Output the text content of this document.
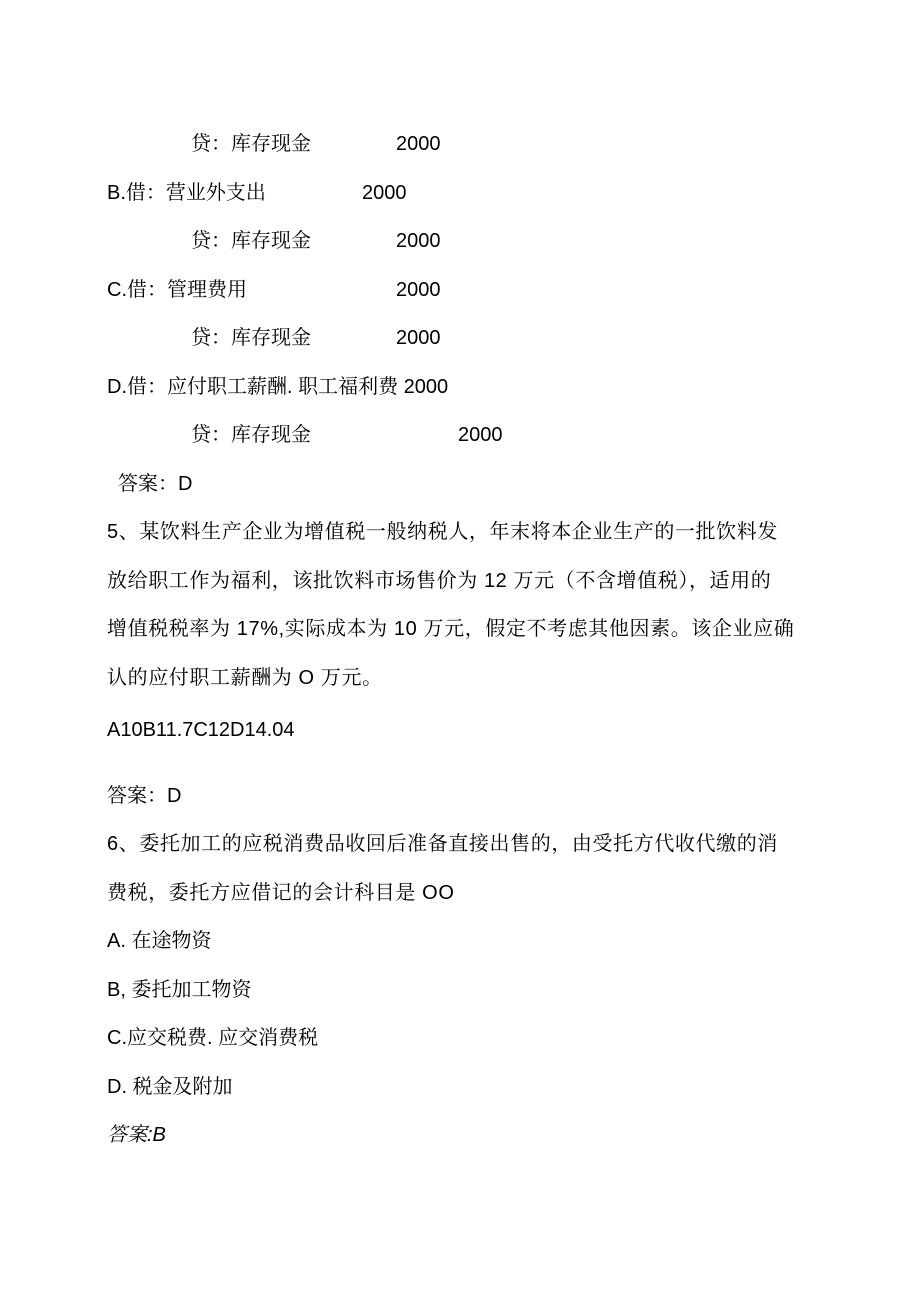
贷：库存现金	2000
B.借：营业外支出	2000
贷：库存现金	2000
C.借：管理费用	2000
贷：库存现金	2000
D.借：应付职工薪酬. 职工福利费 2000
贷：库存现金	2000
答案：D
5、某饮料生产企业为增值税一般纳税人，年末将本企业生产的一批饮料发
放给职工作为福利，该批饮料市场售价为 12 万元（不含增值税），适用的
增值税税率为 17%,实际成本为 10 万元，假定不考虑其他因素。该企业应确
认的应付职工薪酬为 O 万元。
A10B11.7C12D14.04
答案：D
6、委托加工的应税消费品收回后准备直接出售的，由受托方代收代缴的消
费税，委托方应借记的会计科目是 OO
A. 在途物资
B, 委托加工物资
C.应交税费. 应交消费税
D. 税金及附加
答案:B
